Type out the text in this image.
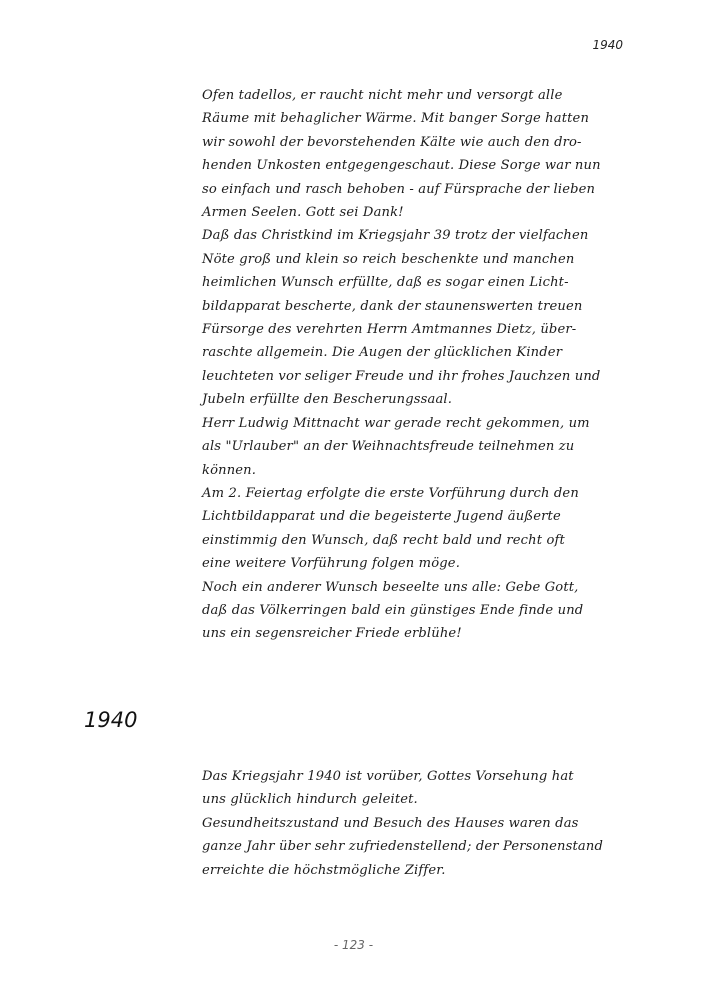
1940
Ofen tadellos, er raucht nicht mehr und versorgt alle
Räume mit behaglicher Wärme. Mit banger Sorge hatten
wir sowohl der bevorstehenden Kälte wie auch den dro-
henden Unkosten entgegengeschaut. Diese Sorge war nun
so einfach und rasch behoben - auf Fürsprache der lieben
Armen Seelen. Gott sei Dank!
Daß das Christkind im Kriegsjahr 39 trotz der vielfachen
Nöte groß und klein so reich beschenkte und manchen
heimlichen Wunsch erfüllte, daß es sogar einen Licht-
bildapparat bescherte, dank der staunenswerten treuen
Fürsorge des verehrten Herrn Amtmannes Dietz, über-
raschte allgemein. Die Augen der glücklichen Kinder
leuchteten vor seliger Freude und ihr frohes Jauchzen und
Jubeln erfüllte den Bescherungssaal.
Herr Ludwig Mittnacht war gerade recht gekommen, um
als "Urlauber" an der Weihnachtsfreude teilnehmen zu
können.
Am 2. Feiertag erfolgte die erste Vorführung durch den
Lichtbildapparat und die begeisterte Jugend äußerte
einstimmig den Wunsch, daß recht bald und recht oft
eine weitere Vorführung folgen möge.
Noch ein anderer Wunsch beseelte uns alle: Gebe Gott,
daß das Völkerringen bald ein günstiges Ende finde und
uns ein segensreicher Friede erblühe!
1940
Das Kriegsjahr 1940 ist vorüber, Gottes Vorsehung hat
uns glücklich hindurch geleitet.
Gesundheitszustand und Besuch des Hauses waren das
ganze Jahr über sehr zufriedenstellend; der Personenstand
erreichte die höchstmögliche Ziffer.
- 123 -
